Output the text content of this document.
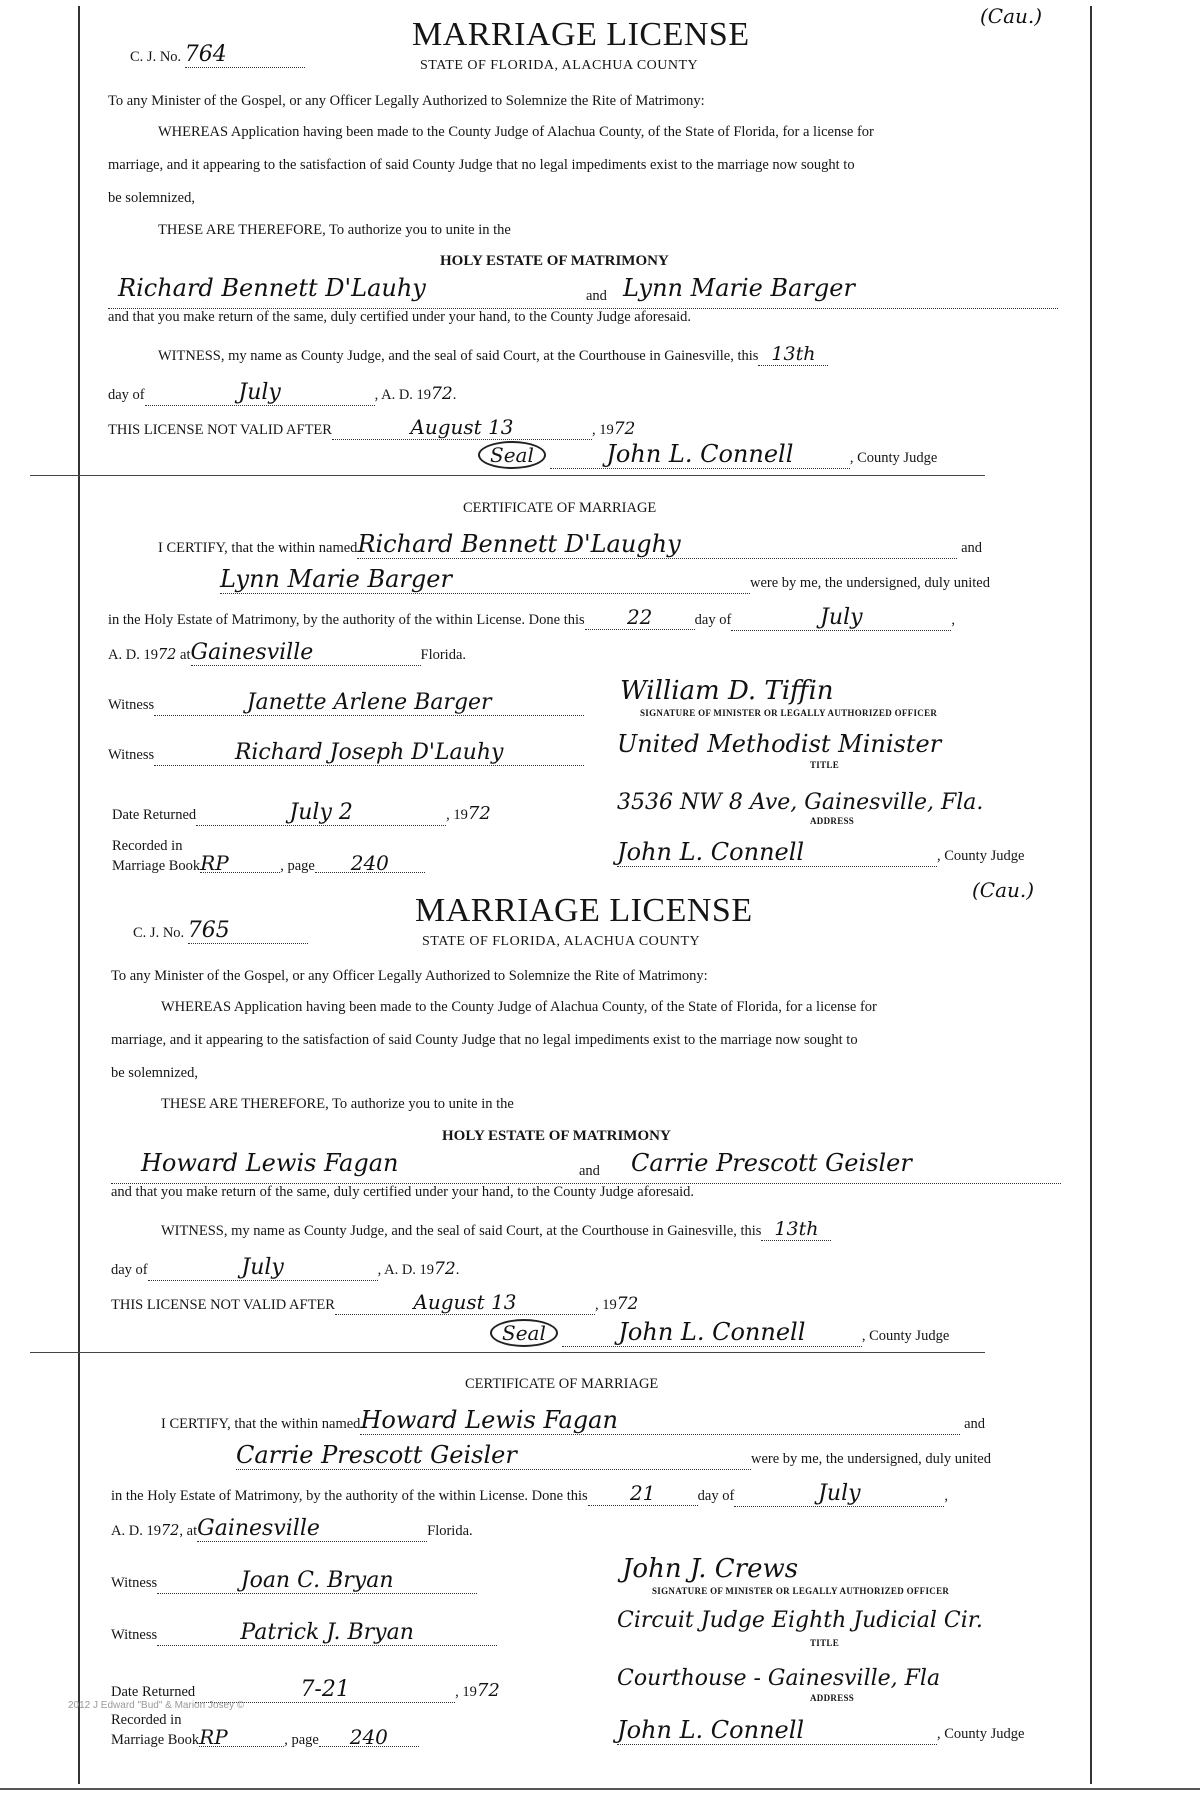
C. J. No. 764
MARRIAGE LICENSE	(Cau.)
STATE OF FLORIDA, ALACHUA COUNTY
To any Minister of the Gospel, or any Officer Legally Authorized to Solemnize the Rite of Matrimony:
WHEREAS Application having been made to the County Judge of Alachua County, of the State of Florida, for a license for
marriage, and it appearing to the satisfaction of said County Judge that no legal impediments exist to the marriage now sought to
be solemnized,
THESE ARE THEREFORE, To authorize you to unite in the
HOLY ESTATE OF MATRIMONY
Richard Bennett D'Lauhy	and Lynn Marie Barger
and that you make return of the same, duly certified under your hand, to the County Judge aforesaid.
WITNESS, my name as County Judge, and the seal of said Court, at the Courthouse in Gainesville, this 13th
day of	July	, A. D. 1972.
THIS LICENSE NOT VALID AFTER	August 13	, 1972
Seal	John L. Connell	, County Judge
CERTIFICATE OF MARRIAGE
I CERTIFY, that the within namedRichard Bennett D'Laughy	and
Lynn Marie Barger	were by me, the undersigned, duly united
in the Holy Estate of Matrimony, by the authority of the within License. Done this 22	day of	July	,
A. D. 1972 atGainesville	Florida.
Witness	Janette Arlene Barger	William D. Tiffin
SIGNATURE OF MINISTER OR LEGALLY AUTHORIZED OFFICER
Witness	Richard Joseph D'Lauhy	United Methodist Minister
TITLE
Date Returned	July 2	, 1972	3536 NW 8 Ave, Gainesville, Fla.
ADDRESS
Recorded in
Marriage BookRP	, page 240	John L. Connell	, County Judge
C. J. No. 765
MARRIAGE LICENSE
(Cau.)
STATE OF FLORIDA, ALACHUA COUNTY
To any Minister of the Gospel, or any Officer Legally Authorized to Solemnize the Rite of Matrimony:
WHEREAS Application having been made to the County Judge of Alachua County, of the State of Florida, for a license for
marriage, and it appearing to the satisfaction of said County Judge that no legal impediments exist to the marriage now sought to
be solemnized,
THESE ARE THEREFORE, To authorize you to unite in the
HOLY ESTATE OF MATRIMONY
Howard Lewis Fagan	and Carrie Prescott Geisler
and that you make return of the same, duly certified under your hand, to the County Judge aforesaid.
WITNESS, my name as County Judge, and the seal of said Court, at the Courthouse in Gainesville, this 13th
day of	July	, A. D. 1972.
THIS LICENSE NOT VALID AFTER	August 13	, 1972
Seal	John L. Connell	, County Judge
CERTIFICATE OF MARRIAGE
I CERTIFY, that the within namedHoward Lewis Fagan	and
Carrie Prescott Geisler	were by me, the undersigned, duly united
in the Holy Estate of Matrimony, by the authority of the within License. Done this 21	day of	July	,
A. D. 1972, atGainesville	Florida.
Witness	Joan C. Bryan	John J. Crews
SIGNATURE OF MINISTER OR LEGALLY AUTHORIZED OFFICER
Witness	Patrick J. Bryan	Circuit Judge Eighth Judicial Cir.
TITLE
Date Returned	7-21	, 1972	Courthouse - Gainesville, Fla
ADDRESS
2012 J Edward "Bud" & Marion Josey ©
Recorded in
Marriage BookRP	, page 240	John L. Connell	, County Judge
